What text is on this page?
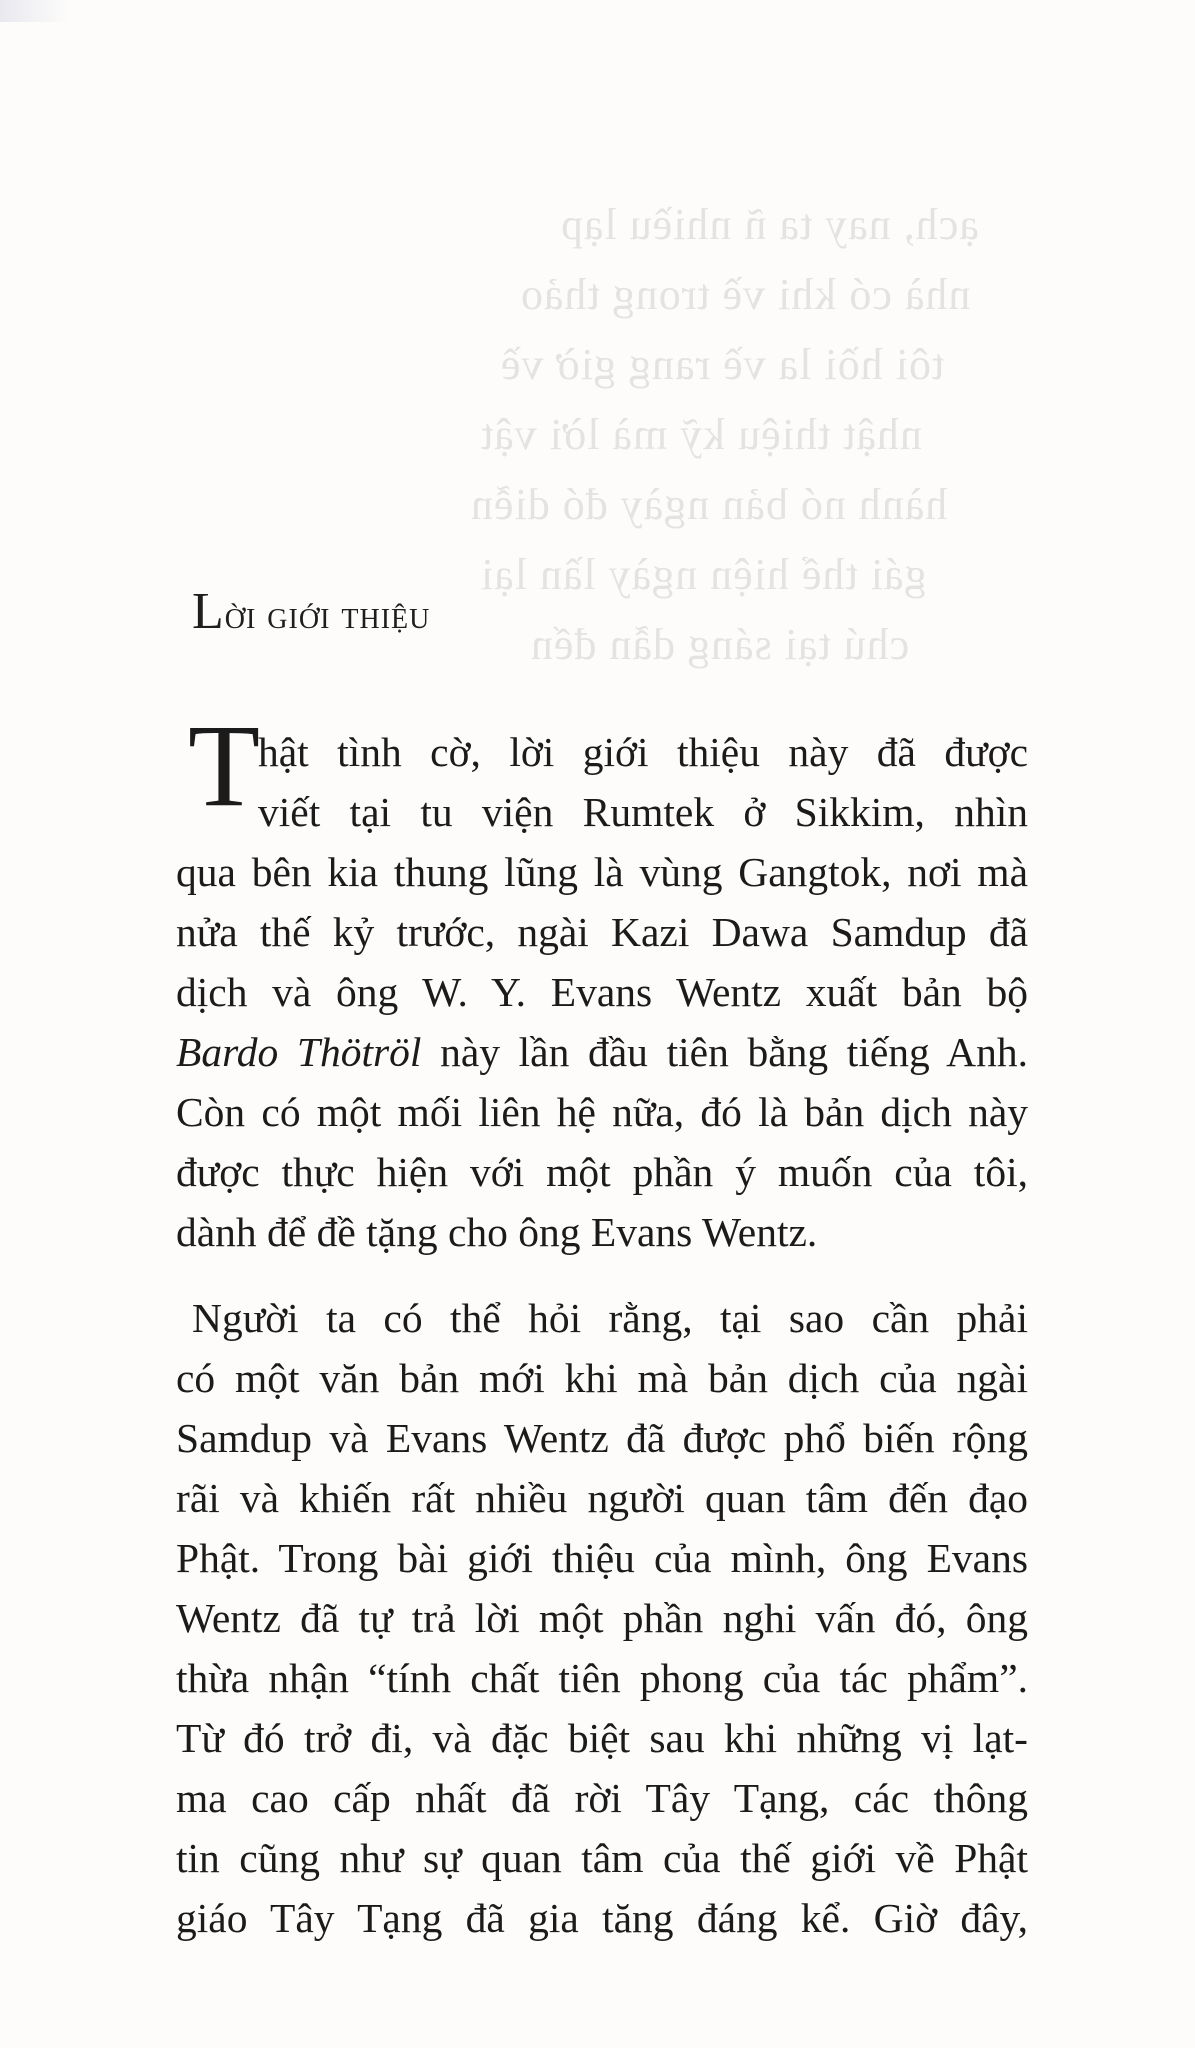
ạch, nay ta ñ nhiều lạp
nhà có khi về trong thảo
tôi hồi la về rang giờ về
nhật thiệu kỹ mà lời vật
hành nó bản ngày đó diễn
gái thể hiện ngày lần lại
chú tại sáng dẫn đến
Lời giới thiệu
T
hật tình cờ, lời giới thiệu này đã được
viết tại tu viện Rumtek ở Sikkim, nhìn
qua bên kia thung lũng là vùng Gangtok, nơi mà
nửa thế kỷ trước, ngài Kazi Dawa Samdup đã
dịch và ông W. Y. Evans Wentz xuất bản bộ
Bardo Thötröl này lần đầu tiên bằng tiếng Anh.
Còn có một mối liên hệ nữa, đó là bản dịch này
được thực hiện với một phần ý muốn của tôi,
dành để đề tặng cho ông Evans Wentz.
Người ta có thể hỏi rằng, tại sao cần phải
có một văn bản mới khi mà bản dịch của ngài
Samdup và Evans Wentz đã được phổ biến rộng
rãi và khiến rất nhiều người quan tâm đến đạo
Phật. Trong bài giới thiệu của mình, ông Evans
Wentz đã tự trả lời một phần nghi vấn đó, ông
thừa nhận “tính chất tiên phong của tác phẩm”.
Từ đó trở đi, và đặc biệt sau khi những vị lạt-
ma cao cấp nhất đã rời Tây Tạng, các thông
tin cũng như sự quan tâm của thế giới về Phật
giáo Tây Tạng đã gia tăng đáng kể. Giờ đây,
